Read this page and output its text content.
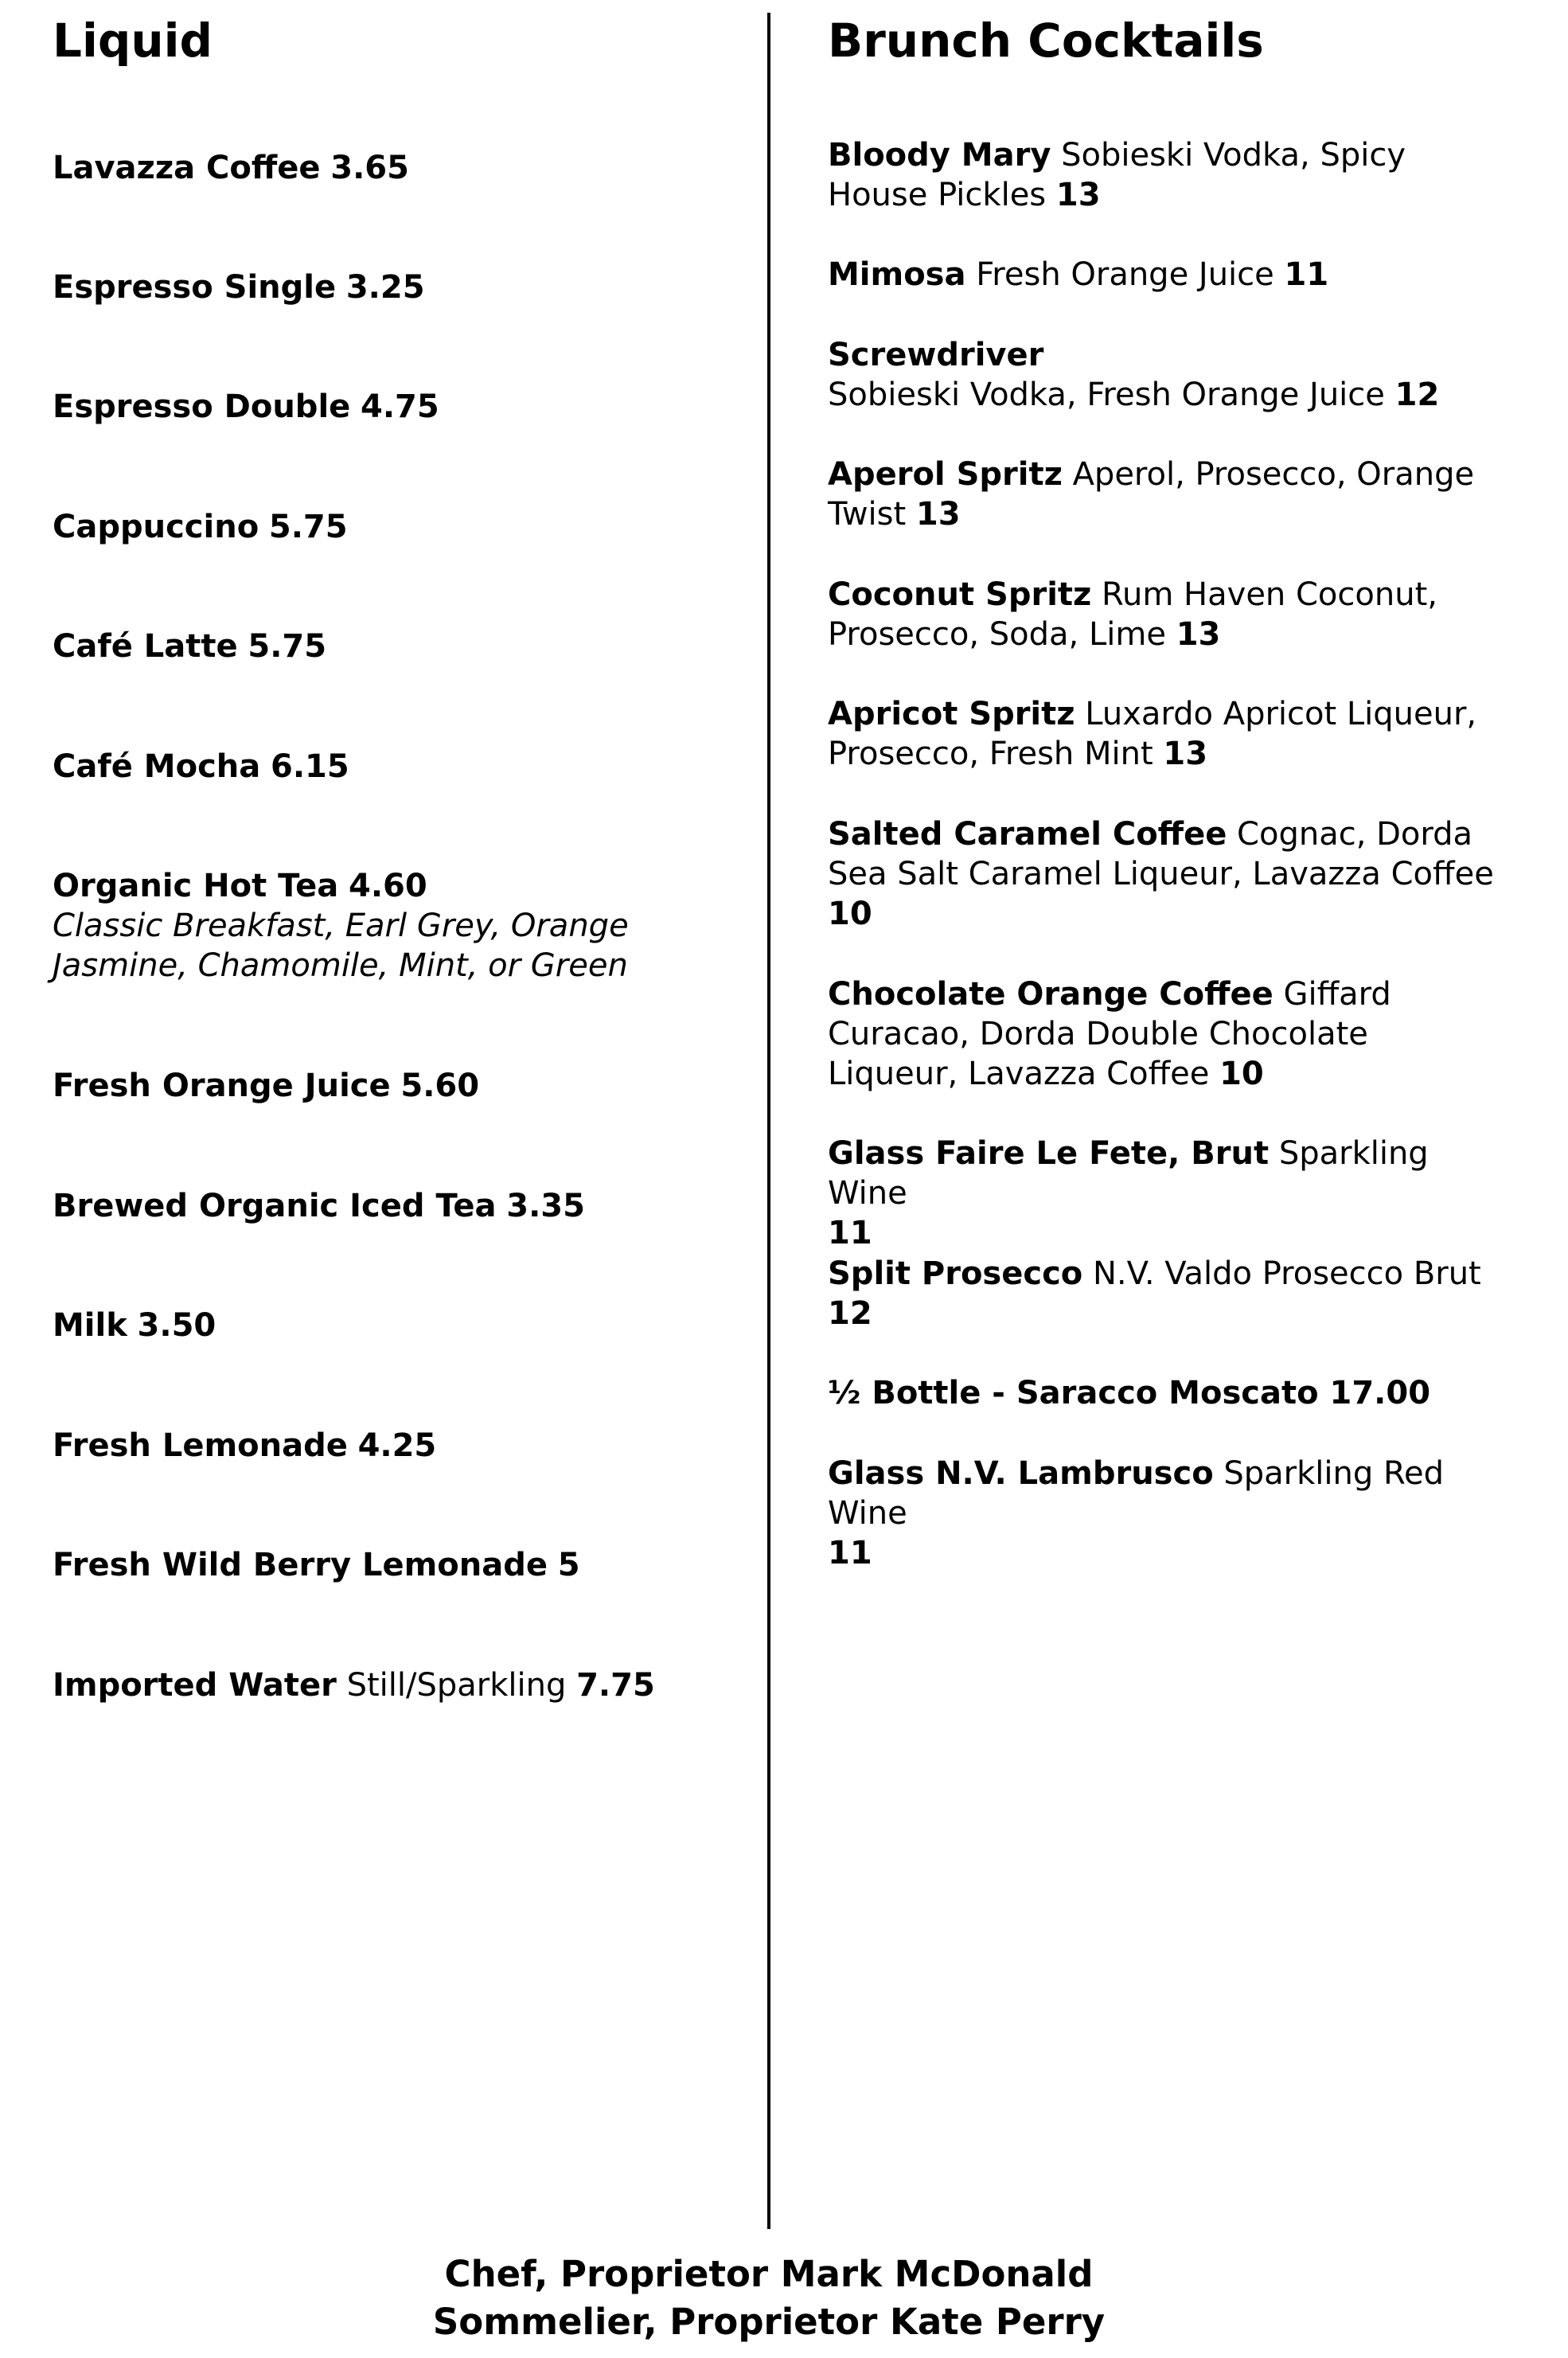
Liquid
Lavazza Coffee 3.65
Espresso Single 3.25
Espresso Double 4.75
Cappuccino 5.75
Café Latte 5.75
Café Mocha 6.15
Organic Hot Tea 4.60
Classic Breakfast, Earl Grey, Orange
Jasmine, Chamomile, Mint, or Green
Fresh Orange Juice 5.60
Brewed Organic Iced Tea 3.35
Milk 3.50
Fresh Lemonade 4.25
Fresh Wild Berry Lemonade 5
Imported Water Still/Sparkling 7.75
Brunch Cocktails
Bloody Mary Sobieski Vodka, Spicy House Pickles 13
Mimosa Fresh Orange Juice 11
Screwdriver
Sobieski Vodka, Fresh Orange Juice 12
Aperol Spritz Aperol, Prosecco, Orange Twist 13
Coconut Spritz Rum Haven Coconut, Prosecco, Soda, Lime 13
Apricot Spritz Luxardo Apricot Liqueur, Prosecco, Fresh Mint 13
Salted Caramel Coffee Cognac, Dorda Sea Salt Caramel Liqueur, Lavazza Coffee 10
Chocolate Orange Coffee Giffard Curacao, Dorda Double Chocolate Liqueur, Lavazza Coffee 10
Glass Faire Le Fete, Brut Sparkling Wine
11
Split Prosecco N.V. Valdo Prosecco Brut
12
½ Bottle - Saracco Moscato 17.00
Glass N.V. Lambrusco Sparkling Red Wine
11
Chef, Proprietor Mark McDonald
Sommelier, Proprietor Kate Perry
